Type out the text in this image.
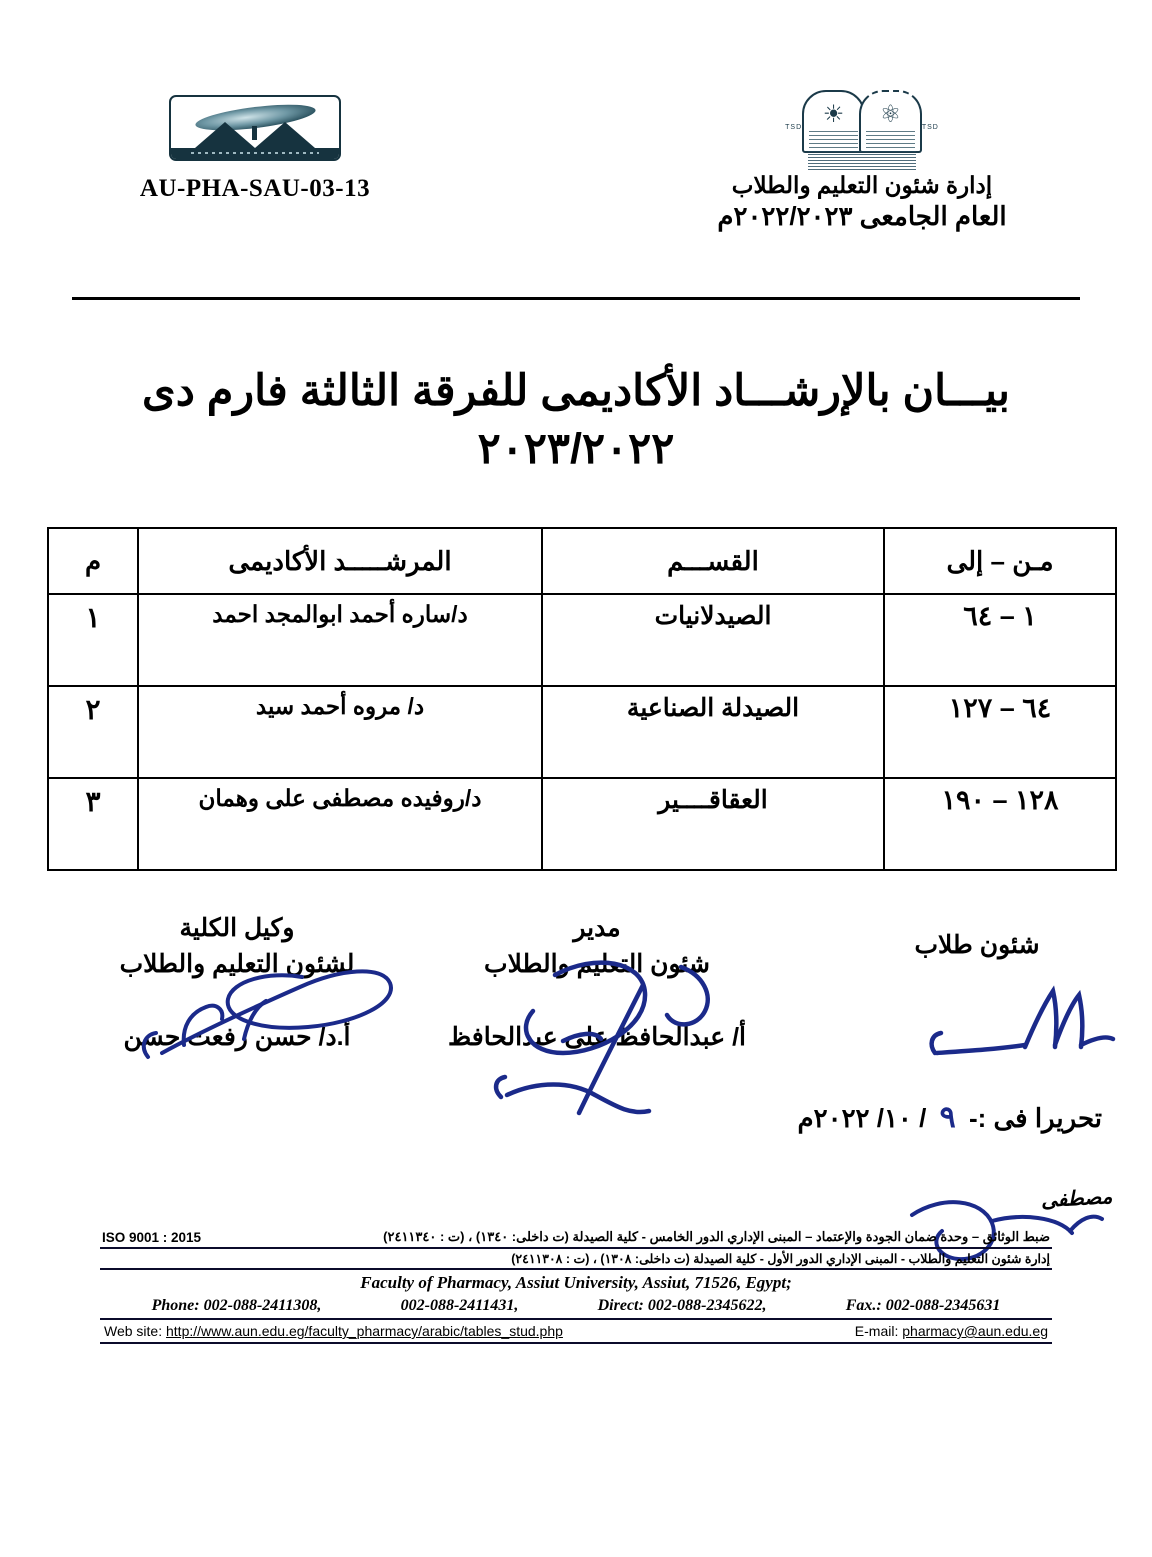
AU-PHA-SAU-03-13
TSD	TSD
☀ ⚛
إدارة شئون التعليم والطلاب
العام الجامعى ٢٠٢٢/٢٠٢٣م
بيـــان بالإرشـــاد الأكاديمى للفرقة الثالثة فارم دى
٢٠٢٣/٢٠٢٢
مـن – إلى	القســـم	المرشـــــد الأكاديمى	م
١ – ٦٤	الصيدلانيات	د/ساره أحمد ابوالمجد احمد	١
٦٤ – ١٢٧	الصيدلة الصناعية	د/ مروه أحمد سيد	٢
١٢٨ – ١٩٠	العقاقــــير	د/روفيده مصطفى على وهمان	٣
شئون طلاب
مدير
شئون التعليم والطلاب
أ/ عبدالحافظ على عبدالحافظ
وكيل الكلية
لشئون التعليم والطلاب
أ.د/ حسن رفعت حسن
تحريرا فى :- ٩ / ١٠/ ٢٠٢٢م
مصطفى
ضبط الوثائق – وحدة ضمان الجودة والإعتماد – المبنى الإداري الدور الخامس - كلية الصيدلة (ت داخلى: ١٣٤٠) ، (ت : ٢٤١١٣٤٠)
ISO 9001 : 2015
إدارة شئون التعليم والطلاب - المبنى الإداري الدور الأول - كلية الصيدلة (ت داخلى: ١٣٠٨) ، (ت : ٢٤١١٣٠٨)
Faculty of Pharmacy, Assiut University, Assiut, 71526, Egypt;
Phone: 002-088-2411308,	002-088-2411431,	Direct: 002-088-2345622,	Fax.: 002-088-2345631
Web site: http://www.aun.edu.eg/faculty_pharmacy/arabic/tables_stud.php	E-mail: pharmacy@aun.edu.eg
